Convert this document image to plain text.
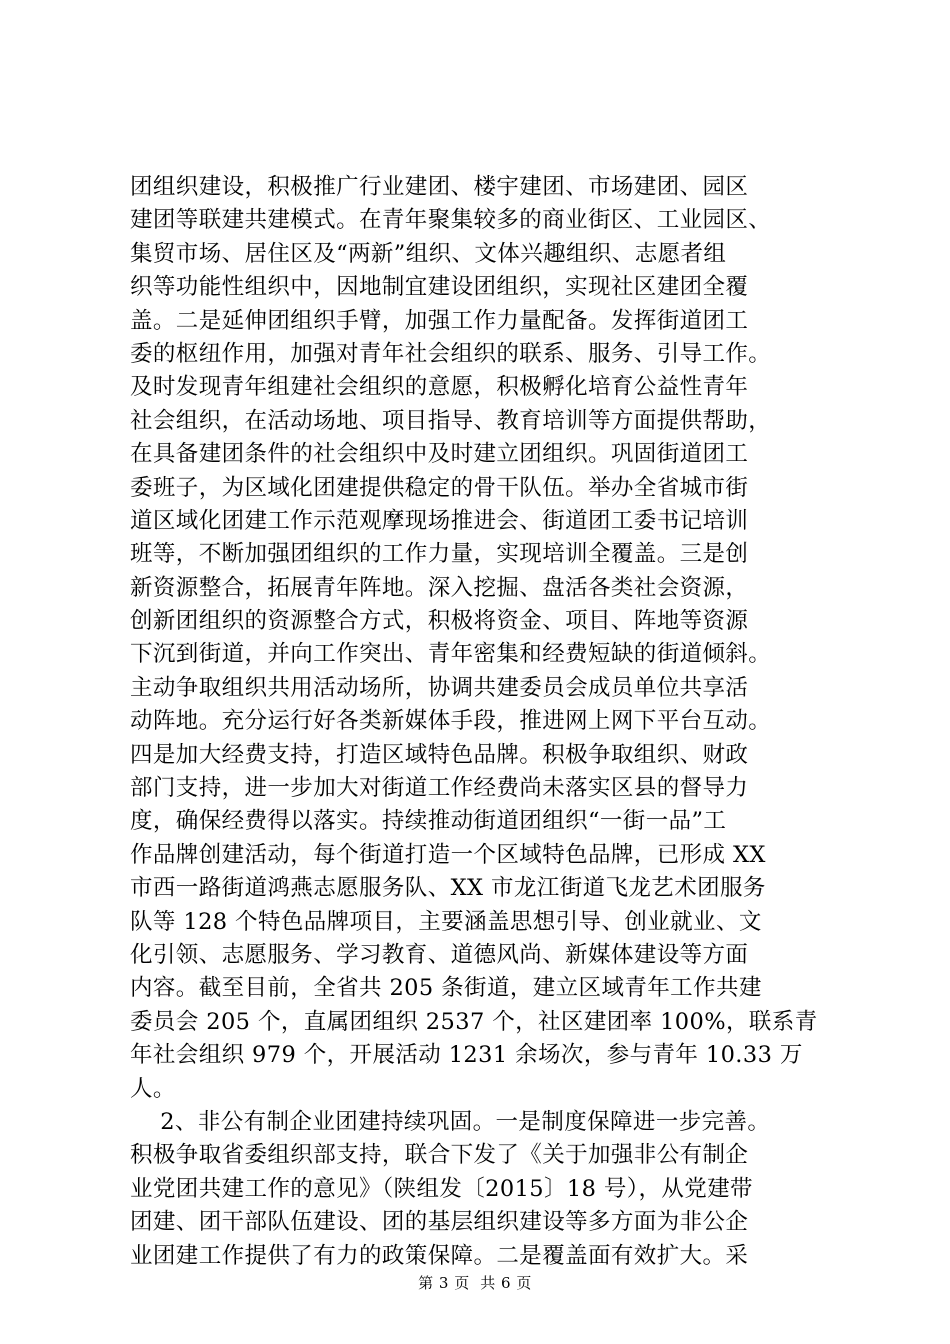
团组织建设，积极推广行业建团、楼宇建团、市场建团、园区
建团等联建共建模式。在青年聚集较多的商业街区、工业园区、
集贸市场、居住区及“两新”组织、文体兴趣组织、志愿者组
织等功能性组织中，因地制宜建设团组织，实现社区建团全覆
盖。二是延伸团组织手臂，加强工作力量配备。发挥街道团工
委的枢纽作用，加强对青年社会组织的联系、服务、引导工作。
及时发现青年组建社会组织的意愿，积极孵化培育公益性青年
社会组织，在活动场地、项目指导、教育培训等方面提供帮助，
在具备建团条件的社会组织中及时建立团组织。巩固街道团工
委班子，为区域化团建提供稳定的骨干队伍。举办全省城市街
道区域化团建工作示范观摩现场推进会、街道团工委书记培训
班等，不断加强团组织的工作力量，实现培训全覆盖。三是创
新资源整合，拓展青年阵地。深入挖掘、盘活各类社会资源，
创新团组织的资源整合方式，积极将资金、项目、阵地等资源
下沉到街道，并向工作突出、青年密集和经费短缺的街道倾斜。
主动争取组织共用活动场所，协调共建委员会成员单位共享活
动阵地。充分运行好各类新媒体手段，推进网上网下平台互动。
四是加大经费支持，打造区域特色品牌。积极争取组织、财政
部门支持，进一步加大对街道工作经费尚未落实区县的督导力
度，确保经费得以落实。持续推动街道团组织“一街一品”工
作品牌创建活动，每个街道打造一个区域特色品牌，已形成 XX
市西一路街道鸿燕志愿服务队、XX 市龙江街道飞龙艺术团服务
队等 128 个特色品牌项目，主要涵盖思想引导、创业就业、文
化引领、志愿服务、学习教育、道德风尚、新媒体建设等方面
内容。截至目前，全省共 205 条街道，建立区域青年工作共建
委员会 205 个，直属团组织 2537 个，社区建团率 100%，联系青
年社会组织 979 个，开展活动 1231 余场次，参与青年 10.33 万
人。
2、非公有制企业团建持续巩固。一是制度保障进一步完善。
积极争取省委组织部支持，联合下发了《关于加强非公有制企
业党团共建工作的意见》（陕组发〔2015〕18 号），从党建带
团建、团干部队伍建设、团的基层组织建设等多方面为非公企
业团建工作提供了有力的政策保障。二是覆盖面有效扩大。采
第 3 页  共 6 页
